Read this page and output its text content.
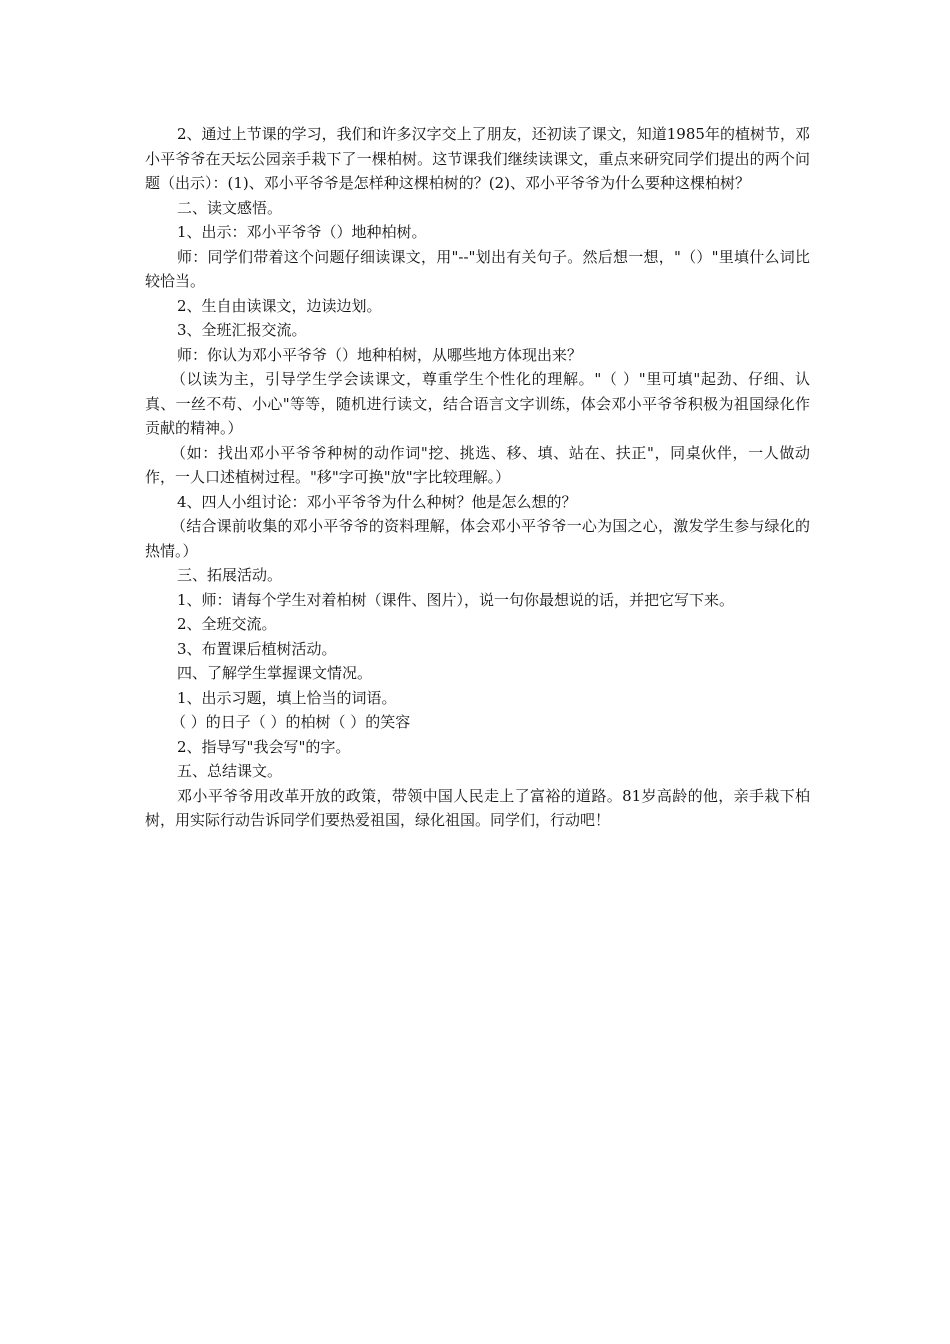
2、通过上节课的学习，我们和许多汉字交上了朋友，还初读了课文，知道1985年的植树节，邓小平爷爷在天坛公园亲手栽下了一棵柏树。这节课我们继续读课文，重点来研究同学们提出的两个问题（出示）：(1)、邓小平爷爷是怎样种这棵柏树的？(2)、邓小平爷爷为什么要种这棵柏树？

二、读文感悟。

1、出示：邓小平爷爷（）地种柏树。

师：同学们带着这个问题仔细读课文，用"--"划出有关句子。然后想一想，"（）"里填什么词比较恰当。

2、生自由读课文，边读边划。

3、全班汇报交流。

师：你认为邓小平爷爷（）地种柏树，从哪些地方体现出来？

（以读为主，引导学生学会读课文，尊重学生个性化的理解。"（ ）"里可填"起劲、仔细、认真、一丝不苟、小心"等等，随机进行读文，结合语言文字训练，体会邓小平爷爷积极为祖国绿化作贡献的精神。）

（如：找出邓小平爷爷种树的动作词"挖、挑选、移、填、站在、扶正"，同桌伙伴，一人做动作，一人口述植树过程。"移"字可换"放"字比较理解。）

4、四人小组讨论：邓小平爷爷为什么种树？他是怎么想的？

（结合课前收集的邓小平爷爷的资料理解，体会邓小平爷爷一心为国之心，激发学生参与绿化的热情。）

三、拓展活动。

1、师：请每个学生对着柏树（课件、图片），说一句你最想说的话，并把它写下来。

2、全班交流。

3、布置课后植树活动。

四、了解学生掌握课文情况。

1、出示习题，填上恰当的词语。

（ ）的日子（ ）的柏树（ ）的笑容

2、指导写"我会写"的字。

五、总结课文。

邓小平爷爷用改革开放的政策，带领中国人民走上了富裕的道路。81岁高龄的他，亲手栽下柏树，用实际行动告诉同学们要热爱祖国，绿化祖国。同学们，行动吧！
